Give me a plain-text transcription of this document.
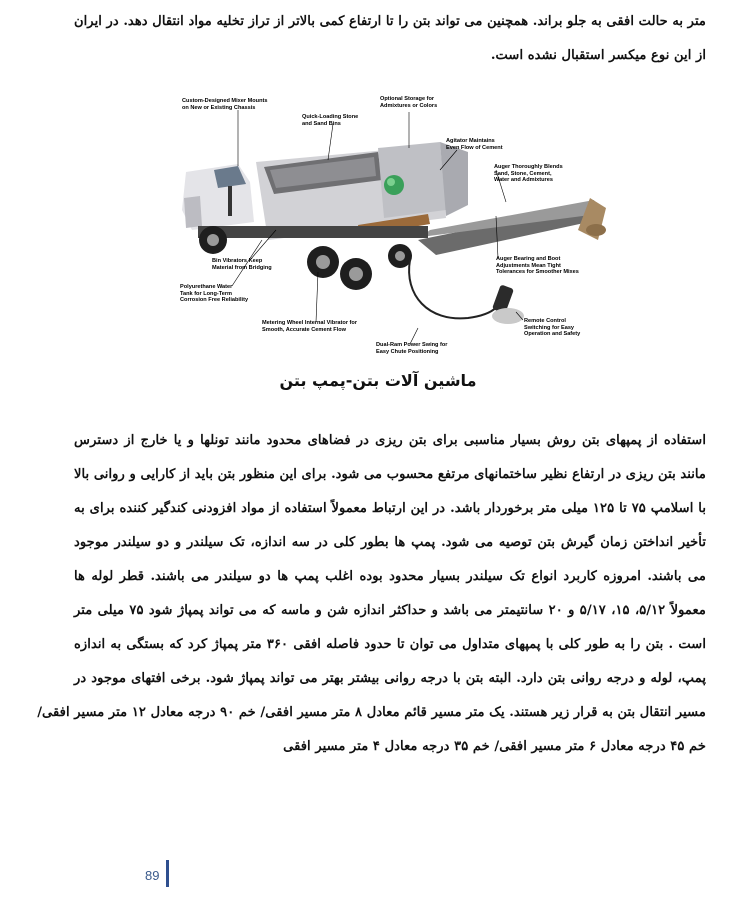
متر به حالت افقی به جلو براند. همچنین می تواند بتن را تا ارتفاع کمی بالاتر از تراز تخلیه مواد انتقال دهد. در ایران
از این نوع میکسر استقبال نشده است.
Custom-Designed Mixer Mounts
on New or Existing Chassis
Quick-Loading Stone
and Sand Bins
Optional Storage for
Admixtures or Colors
Agitator Maintains
Even Flow of Cement
Auger Thoroughly Blends
Sand, Stone, Cement,
Water and Admixtures
Auger Bearing and Boot
Adjustments Mean Tight
Tolerances for Smoother Mixes
Bin Vibrators Keep
Material from Bridging
Polyurethane Water
Tank for Long-Term
Corrosion Free Reliability
Metering Wheel Internal Vibrator for
Smooth, Accurate Cement Flow
Remote Control
Switching for Easy
Operation and Safety
Dual-Ram Power Swing for
Easy Chute Positioning
ماشین آلات بتن-پمپ بتن
استفاده از پمپهای بتن روش بسیار مناسبی برای بتن ریزی در فضاهای محدود مانند تونلها و یا خارج از دسترس
مانند بتن ریزی در ارتفاع نظیر ساختمانهای مرتفع محسوب می شود. برای این منظور بتن باید از کارایی و روانی بالا
با اسلامپ ۷۵ تا ۱۲۵ میلی متر برخوردار باشد. در این ارتباط معمولاً استفاده از مواد افزودنی کندگیر کننده برای به
تأخیر انداختن زمان گیرش بتن توصیه می شود. پمپ ها بطور کلی در سه اندازه، تک سیلندر و دو سیلندر موجود
می باشند. امروزه کاربرد انواع تک سیلندر بسیار محدود بوده اغلب پمپ ها دو سیلندر می باشند. قطر لوله ها
معمولاً ۵/۱۲، ۱۵، ۵/۱۷ و ۲۰ سانتیمتر می باشد و حداکثر اندازه شن و ماسه که می تواند پمپاژ شود ۷۵ میلی متر
است . بتن را به طور کلی با پمپهای متداول می توان تا حدود فاصله افقی ۳۶۰ متر پمپاژ کرد که بستگی به اندازه
پمپ، لوله و درجه روانی بتن دارد. البته بتن با درجه روانی بیشتر بهتر می تواند پمپاژ شود. برخی افتهای موجود در
مسیر انتقال بتن به قرار زیر هستند. یک متر مسیر قائم معادل ۸ متر مسیر افقی/ خم ۹۰ درجه معادل ۱۲ متر مسیر افقی/
خم ۴۵ درجه معادل ۶ متر مسیر افقی/ خم ۳۵ درجه معادل ۴ متر مسیر افقی
89
